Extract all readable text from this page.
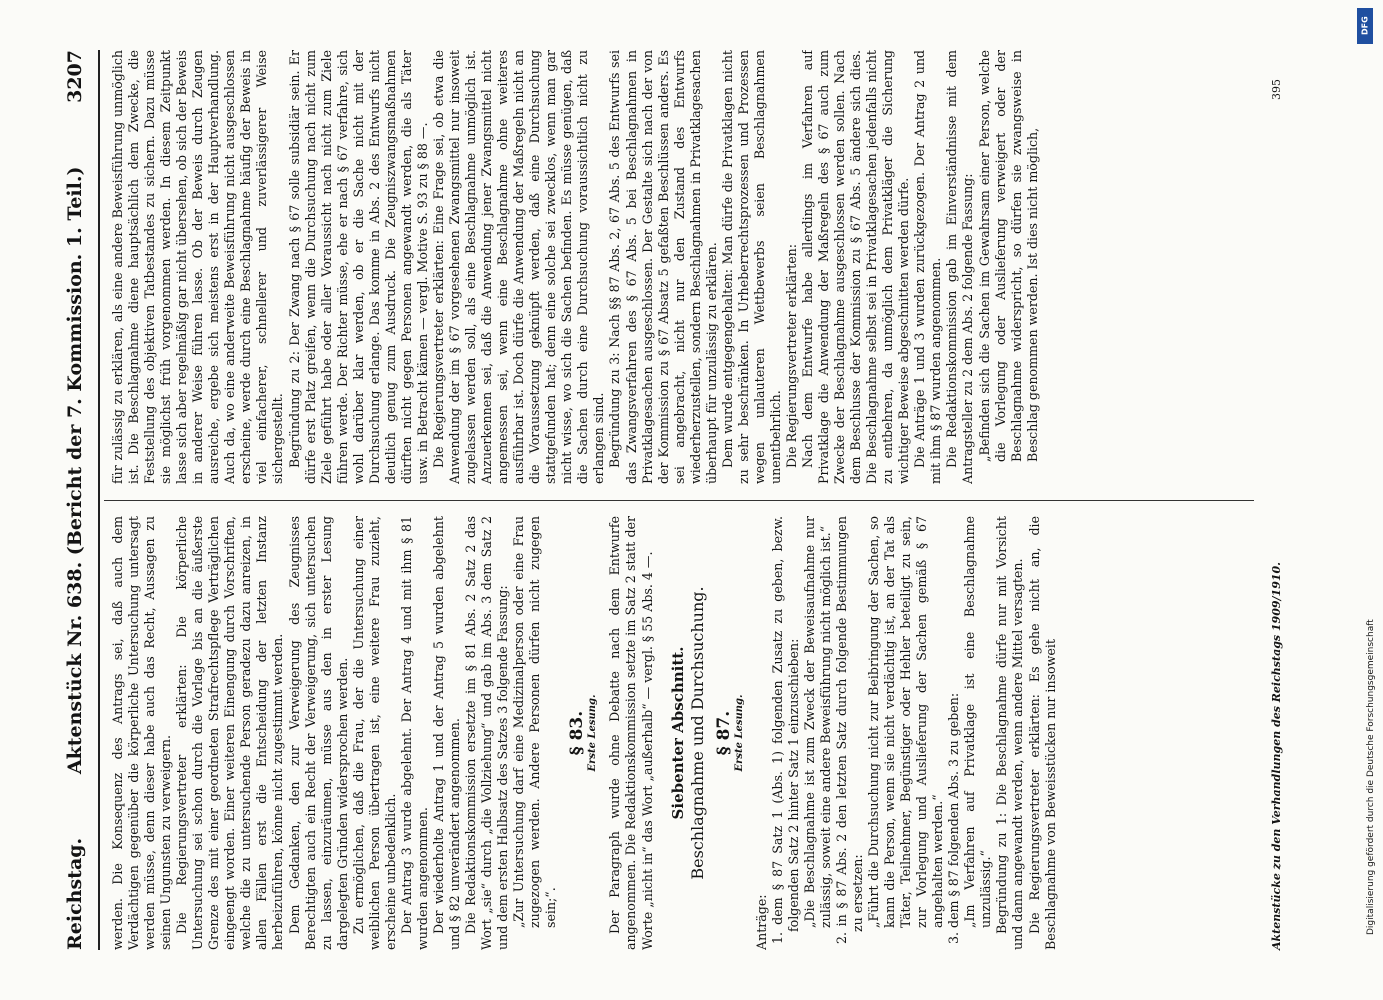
Reichstag.
Aktenstück Nr. 638. (Bericht der 7. Kommission. 1. Teil.)
3207

werden. Die Konsequenz des Antrags sei, daß auch dem Verdächtigen gegenüber die körperliche Untersuchung untersagt werden müsse, denn dieser habe auch das Recht, Aussagen zu seinen Ungunsten zu verweigern. Die Regierungsvertreter erklärten: Die körperliche Untersuchung sei schon durch die Vorlage bis an die äußerste Grenze des mit einer geordneten Strafrechtspflege Verträglichen eingeengt worden. Einer weiteren Einengung durch Vorschriften, welche die zu untersuchende Person geradezu dazu anreizen, in allen Fällen erst die Entscheidung der letzten Instanz herbeizuführen, könne nicht zugestimmt werden. Dem Gedanken, den zur Verweigerung des Zeugnisses Berechtigten auch ein Recht der Verweigerung, sich untersuchen zu lassen, einzuräumen, müsse aus den in erster Lesung dargelegten Gründen widersprochen werden. Zu ermöglichen, daß die Frau, der die Untersuchung einer weiblichen Person übertragen ist, eine weitere Frau zuzieht, erscheine unbedenklich. Der Antrag 3 wurde abgelehnt. Der Antrag 4 und mit ihm § 81 wurden angenommen. Der wiederholte Antrag 1 und der Antrag 5 wurden abgelehnt und § 82 unverändert angenommen. Die Redaktionskommission ersetzte im § 81 Abs. 2 Satz 2 das Wort „sie“ durch „die Vollziehung“ und gab im Abs. 3 dem Satz 2 und dem ersten Halbsatz des Satzes 3 folgende Fassung: „Zur Untersuchung darf eine Medizinalperson oder eine Frau zugezogen werden. Andere Personen dürfen nicht zugegen sein;“.

§ 83. Erste Lesung. Der Paragraph wurde ohne Debatte nach dem Entwurfe angenommen. Die Redaktionskommission setzte im Satz 2 statt der Worte „nicht in“ das Wort „außerhalb“ — vergl. § 55 Abs. 4 —. Siebenter Abschnitt. Beschlagnahme und Durchsuchung. § 87. Erste Lesung.

Anträge: 1. dem § 87 Satz 1 (Abs. 1) folgenden Zusatz zu geben, bezw. folgenden Satz 2 hinter Satz 1 einzuschieben: „Die Beschlagnahme ist zum Zweck der Beweisaufnahme nur zulässig, soweit eine andere Beweisführung nicht möglich ist.“ 2. in § 87 Abs. 2 den letzten Satz durch folgende Bestimmungen zu ersetzen: „Führt die Durchsuchung nicht zur Beibringung der Sachen, so kann die Person, wenn sie nicht verdächtig ist, an der Tat als Täter, Teilnehmer, Begünstiger oder Hehler beteiligt zu sein, zur Vorlegung und Auslieferung der Sachen gemäß § 67 angehalten werden.“ 3. dem § 87 folgenden Abs. 3 zu geben: „Im Verfahren auf Privatklage ist eine Beschlagnahme unzulässig.“ Begründung zu 1: Die Beschlagnahme dürfe nur mit Vorsicht und dann angewandt werden, wenn andere Mittel versagten. Die Regierungsvertreter erklärten: Es gehe nicht an, die Beschlagnahme von Beweisstücken nur insoweit

für zulässig zu erklären, als eine andere Beweisführung unmöglich ist. Die Beschlagnahme diene hauptsächlich dem Zwecke, die Feststellung des objektiven Tatbestandes zu sichern. Dazu müsse sie möglichst früh vorgenommen werden. In diesem Zeitpunkt lasse sich aber regelmäßig gar nicht übersehen, ob sich der Beweis in anderer Weise führen lasse. Ob der Beweis durch Zeugen ausreiche, ergebe sich meistens erst in der Hauptverhandlung. Auch da, wo eine anderweite Beweisführung nicht ausgeschlossen erscheine, werde durch eine Beschlagnahme häufig der Beweis in viel einfacherer, schnellerer und zuverlässigerer Weise sichergestellt. Begründung zu 2: Der Zwang nach § 67 solle subsidiär sein. Er dürfe erst Platz greifen, wenn die Durchsuchung nach nicht zum Ziele geführt habe oder aller Voraussicht nach nicht zum Ziele führen werde. Der Richter müsse, ehe er nach § 67 verfahre, sich wohl darüber klar werden, ob er die Sache nicht mit der Durchsuchung erlange. Das komme in Abs. 2 des Entwurfs nicht deutlich genug zum Ausdruck. Die Zeugniszwangsmaßnahmen dürften nicht gegen Personen angewandt werden, die als Täter usw. in Betracht kämen — vergl. Motive S. 93 zu § 88 —. Die Regierungsvertreter erklärten: Eine Frage sei, ob etwa die Anwendung der im § 67 vorgesehenen Zwangsmittel nur insoweit zugelassen werden soll, als eine Beschlagnahme unmöglich ist. Anzuerkennen sei, daß die Anwendung jener Zwangsmittel nicht angemessen sei, wenn eine Beschlagnahme ohne weiteres ausführbar ist. Doch dürfe die Anwendung der Maßregeln nicht an die Voraussetzung geknüpft werden, daß eine Durchsuchung stattgefunden hat; denn eine solche sei zwecklos, wenn man gar nicht wisse, wo sich die Sachen befinden. Es müsse genügen, daß die Sachen durch eine Durchsuchung voraussichtlich nicht zu erlangen sind. Begründung zu 3: Nach §§ 87 Abs. 2, 67 Abs. 5 des Entwurfs sei das Zwangsverfahren des § 67 Abs. 5 bei Beschlagnahmen in Privatklagesachen ausgeschlossen. Der Gestalte sich nach der von der Kommission zu § 67 Absatz 5 gefaßten Beschlüssen anders. Es sei angebracht, nicht nur den Zustand des Entwurfs wiederherzustellen, sondern Beschlagnahmen in Privatklagesachen überhaupt für unzulässig zu erklären. Dem wurde entgegengehalten: Man dürfe die Privatklagen nicht zu sehr beschränken. In Urheberrechtsprozessen und Prozessen wegen unlauteren Wettbewerbs seien Beschlagnahmen unentbehrlich. Die Regierungsvertreter erklärten: Nach dem Entwurfe habe allerdings im Verfahren auf Privatklage die Anwendung der Maßregeln des § 67 auch zum Zwecke der Beschlagnahme ausgeschlossen werden sollen. Nach dem Beschlusse der Kommission zu § 67 Abs. 5 ändere sich dies. Die Beschlagnahme selbst sei in Privatklagesachen jedenfalls nicht zu entbehren, da unmöglich dem Privatkläger die Sicherung wichtiger Beweise abgeschnitten werden dürfe. Die Anträge 1 und 3 wurden zurückgezogen. Der Antrag 2 und mit ihm § 87 wurden angenommen. Die Redaktionskommission gab im Einverständnisse mit dem Antragsteller zu 2 dem Abs. 2 folgende Fassung: „Befinden sich die Sachen im Gewahrsam einer Person, welche die Vorlegung oder Auslieferung verweigert oder der Beschlagnahme widerspricht, so dürfen sie zwangsweise in Beschlag genommen werden. Ist dies nicht möglich,

Aktenstücke zu den Verhandlungen des Reichstags 1909/1910.
395
DFG
Digitalisierung gefördert durch die Deutsche Forschungsgemeinschaft
